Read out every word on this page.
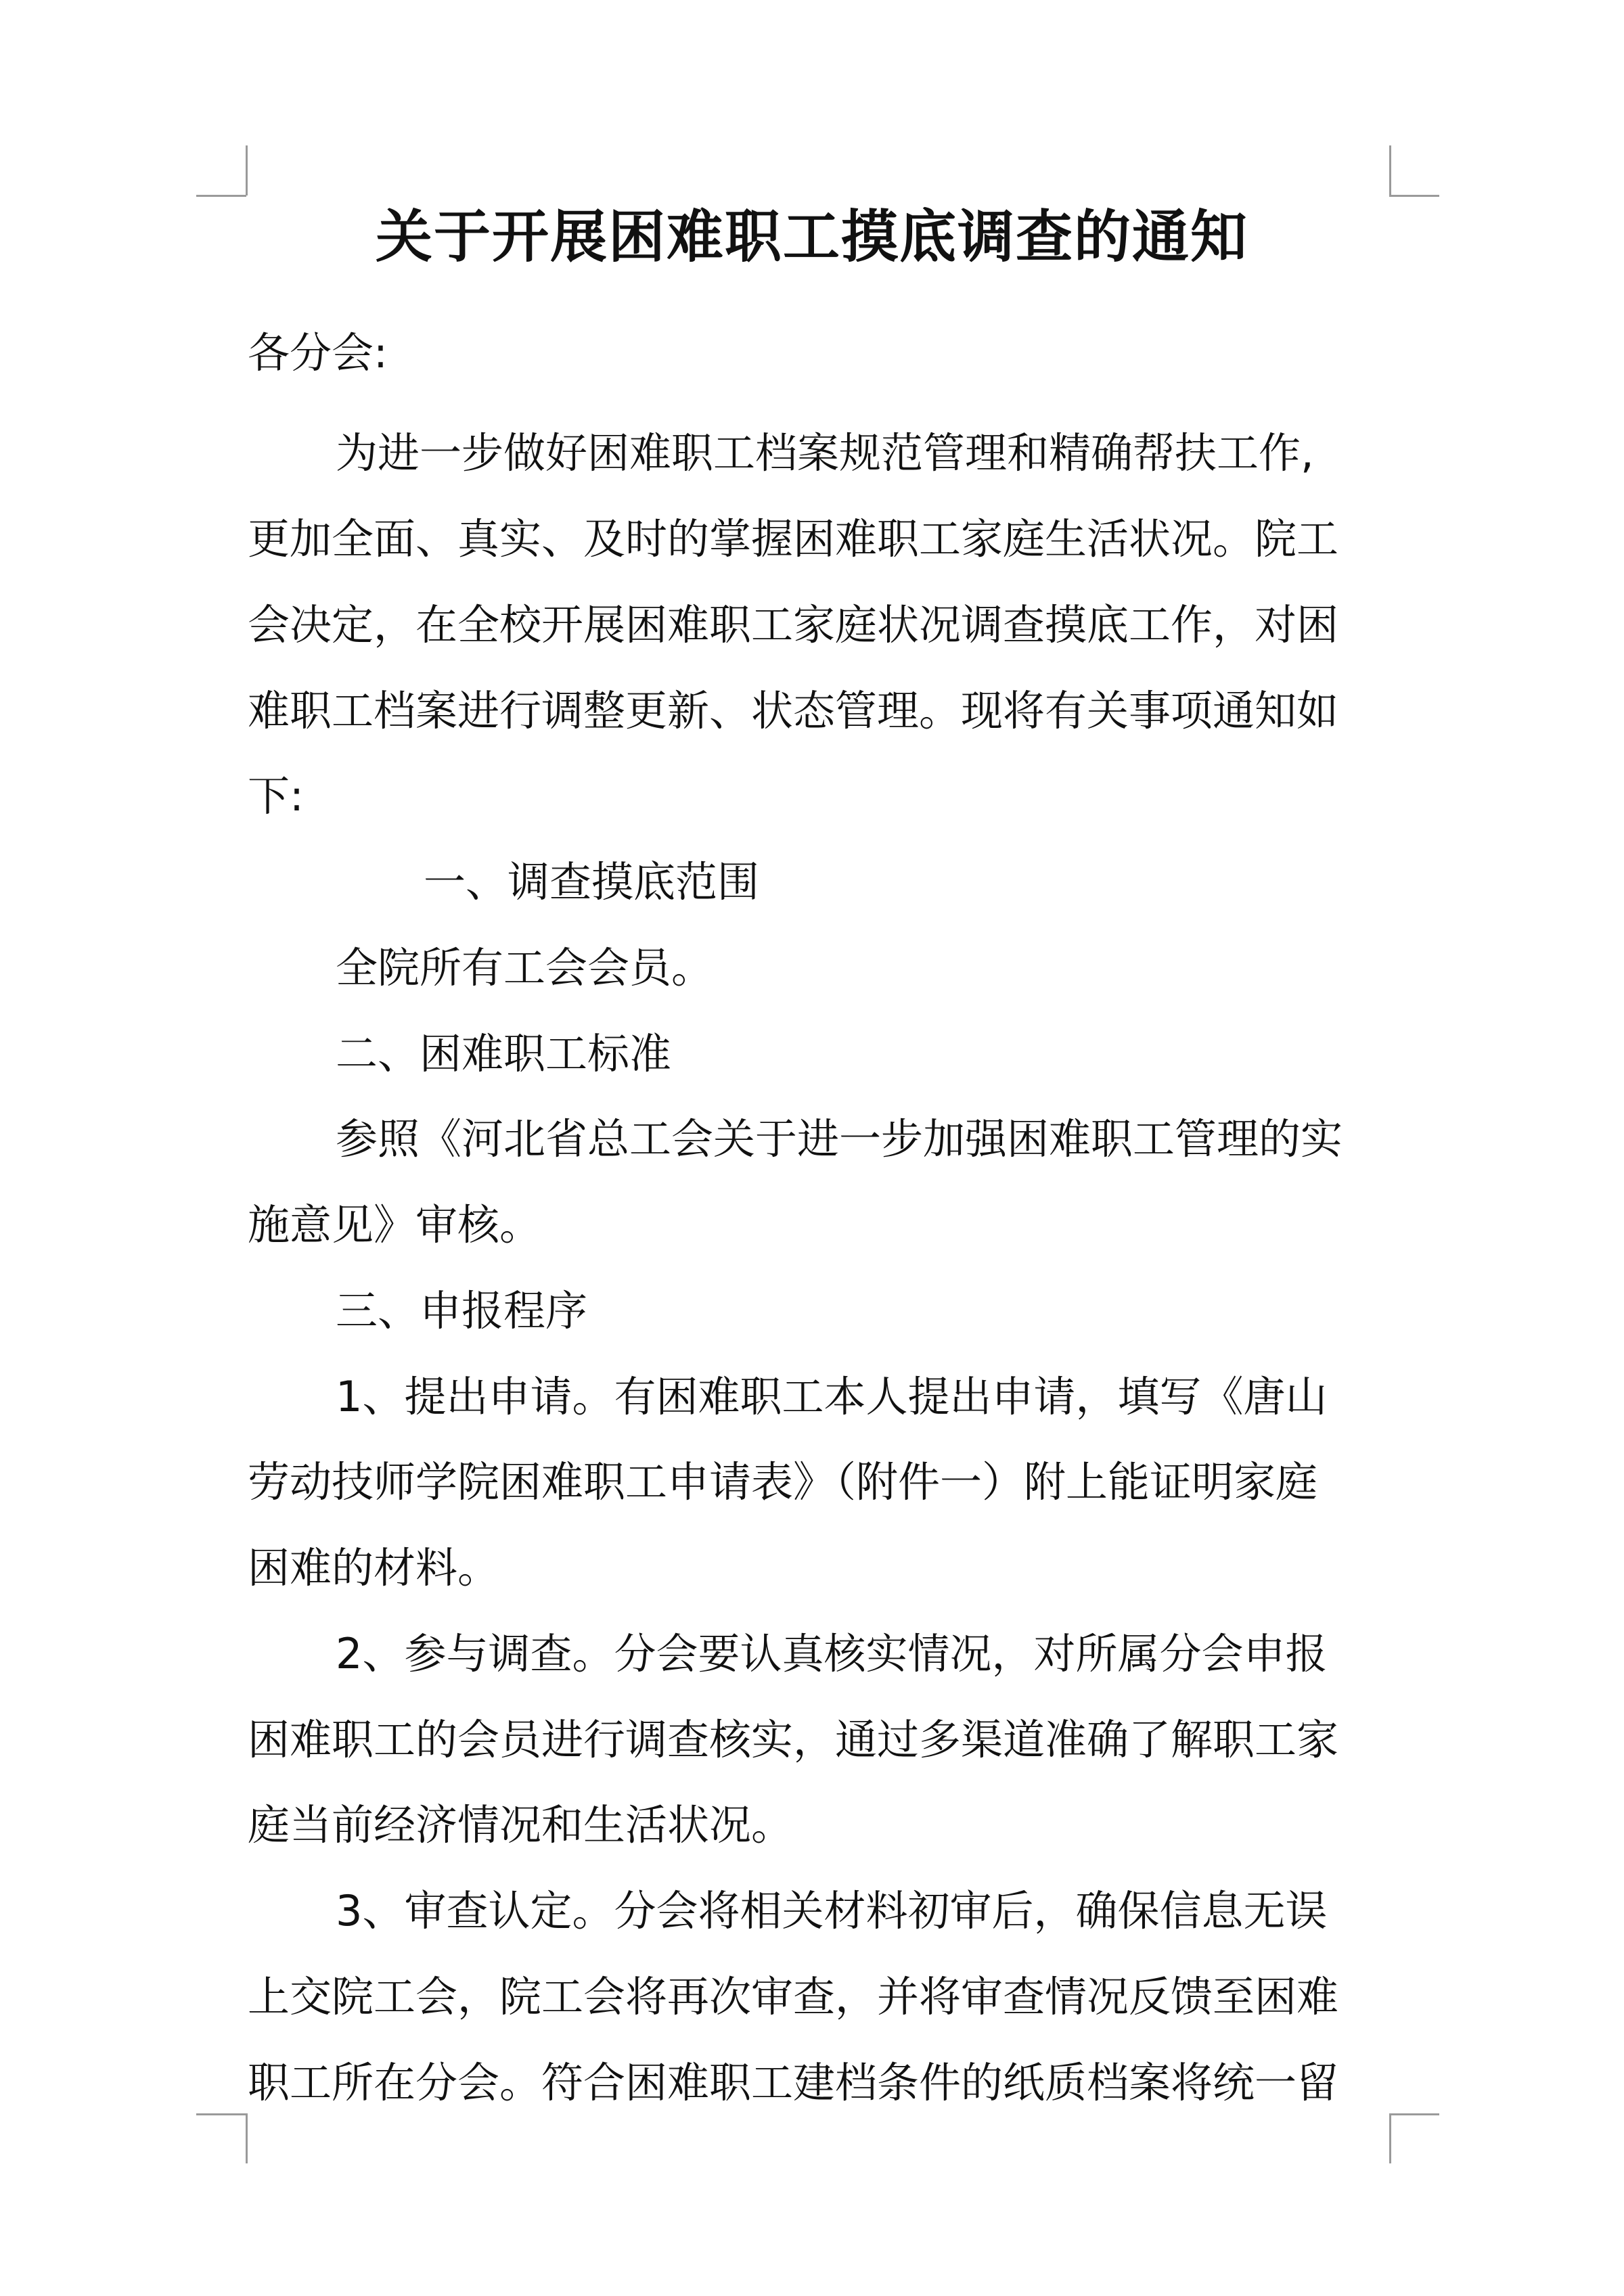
关于开展困难职工摸底调查的通知
各分会:
为进一步做好困难职工档案规范管理和精确帮扶工作,
更加全面、真实、及时的掌握困难职工家庭生活状况。院工
会决定，在全校开展困难职工家庭状况调查摸底工作，对困
难职工档案进行调整更新、状态管理。现将有关事项通知如
下:
一、调查摸底范围
全院所有工会会员。
二、困难职工标准
参照《河北省总工会关于进一步加强困难职工管理的实
施意见》审核。
三、申报程序
1、提出申请。有困难职工本人提出申请，填写《唐山
劳动技师学院困难职工申请表》（附件一）附上能证明家庭
困难的材料。
2、参与调查。分会要认真核实情况，对所属分会申报
困难职工的会员进行调查核实，通过多渠道准确了解职工家
庭当前经济情况和生活状况。
3、审查认定。分会将相关材料初审后，确保信息无误
上交院工会，院工会将再次审查，并将审查情况反馈至困难
职工所在分会。符合困难职工建档条件的纸质档案将统一留
